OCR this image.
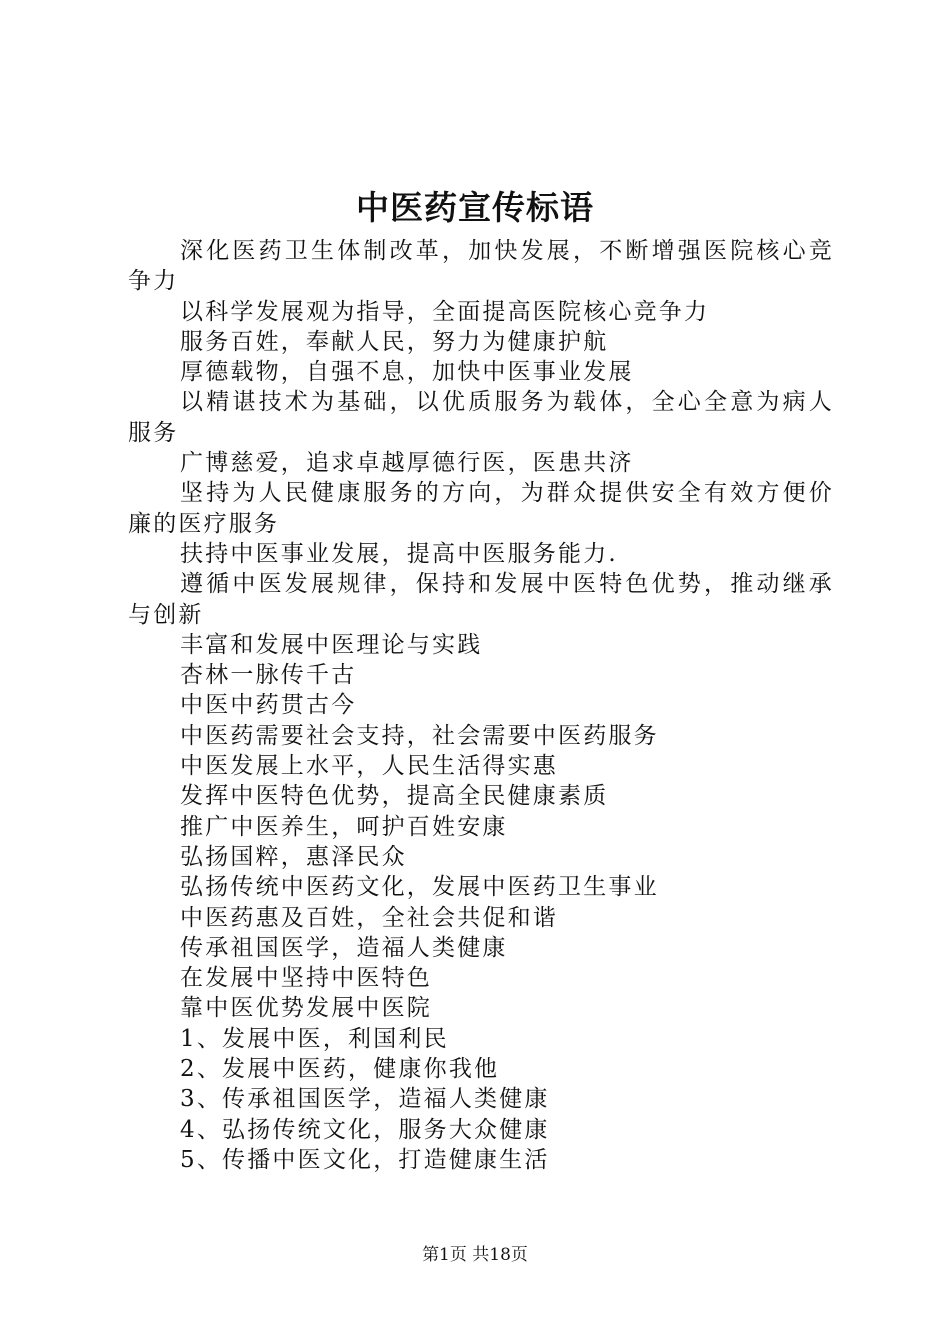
中医药宣传标语

深化医药卫生体制改革，加快发展，不断增强医院核心竞争力

以科学发展观为指导，全面提高医院核心竞争力

服务百姓，奉献人民，努力为健康护航

厚德载物，自强不息，加快中医事业发展

以精谌技术为基础，以优质服务为载体，全心全意为病人服务

广博慈爱，追求卓越厚德行医，医患共济

坚持为人民健康服务的方向，为群众提供安全有效方便价廉的医疗服务

扶持中医事业发展，提高中医服务能力.

遵循中医发展规律，保持和发展中医特色优势，推动继承与创新

丰富和发展中医理论与实践

杏林一脉传千古

中医中药贯古今

中医药需要社会支持，社会需要中医药服务

中医发展上水平，人民生活得实惠

发挥中医特色优势，提高全民健康素质

推广中医养生，呵护百姓安康

弘扬国粹，惠泽民众

弘扬传统中医药文化，发展中医药卫生事业

中医药惠及百姓，全社会共促和谐

传承祖国医学，造福人类健康

在发展中坚持中医特色

靠中医优势发展中医院

1、发展中医，利国利民

2、发展中医药，健康你我他

3、传承祖国医学，造福人类健康

4、弘扬传统文化，服务大众健康

5、传播中医文化，打造健康生活

第1页 共18页
